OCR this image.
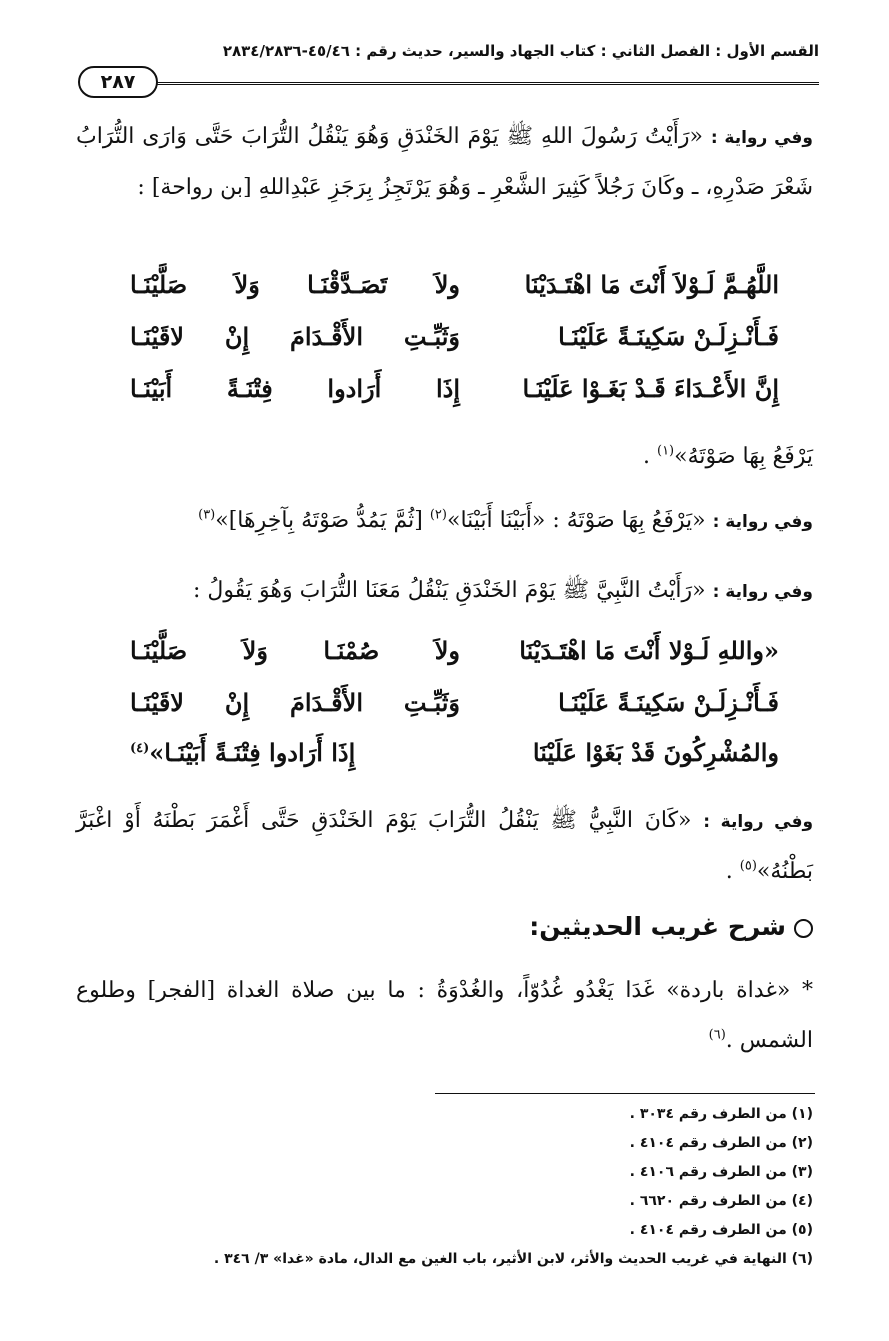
القسم الأول : الفصل الثاني : كتاب الجهاد والسير، حديث رقم : ٤٥/٤٦-٢٨٣٤/٢٨٣٦
٢٨٧
وفي رواية : «رَأَيْتُ رَسُولَ اللهِ ﷺ يَوْمَ الخَنْدَقِ وَهُوَ يَنْقُلُ التُّرَابَ حَتَّى وَارَى التُّرَابُ شَعْرَ صَدْرِهِ، ـ وكَانَ رَجُلاً كَثِيرَ الشَّعْرِ ـ وَهُوَ يَرْتَجِزُ بِرَجَزِ عَبْدِاللهِ [بن رواحة] :
اللَّهُـمَّ لَـوْلاَ أَنْتَ مَا اهْتَـدَيْنَا
ولاَ تَصَـدَّقْنَـا وَلاَ صَلَّيْنَـا
فَـأَنْـزِلَـنْ سَكِينَـةً عَلَيْنَـا
وَثَبِّـتِ الأَقْـدَامَ إِنْ لاقَيْنَـا
إِنَّ الأَعْـدَاءَ قَـدْ بَغَـوْا عَلَيْنَـا
إِذَا أَرَادوا فِتْنَـةً أَبَيْنَـا
يَرْفَعُ بِهَا صَوْتَهُ»$^{(١)}$ .
وفي رواية : «يَرْفَعُ بِهَا صَوْتَهُ : «أَبَيْنَا أَبَيْنَا»$^{(٢)}$ [ثُمَّ يَمُدُّ صَوْتَهُ بِآخِرِهَا]»$^{(٣)}$
وفي رواية : «رَأَيْتُ النَّبِيَّ ﷺ يَوْمَ الخَنْدَقِ يَنْقُلُ مَعَنَا التُّرَابَ وَهُوَ يَقُولُ :
«واللهِ لَـوْلا أَنْتَ مَا اهْتَـدَيْنَا
ولاَ صُمْنَـا وَلاَ صَلَّيْنَـا
فَـأَنْـزِلَـنْ سَكِينَـةً عَلَيْنَـا
وَثَبِّـتِ الأَقْـدَامَ إِنْ لاقَيْنَـا
والمُشْرِكُونَ قَدْ بَغَوْا عَلَيْنَا
إِذَا أَرَادوا فِتْنَـةً أَبَيْنَـا»$^{(٤)}$
وفي رواية : «كَانَ النَّبِيُّ ﷺ يَنْقُلُ التُّرَابَ يَوْمَ الخَنْدَقِ حَتَّى أَغْمَرَ بَطْنَهُ أَوْ اغْبَرَّ بَطْنُهُ»$^{(٥)}$ .
شرح غريب الحديثين:
* «غداة باردة» غَدَا يَغْدُو غُدُوّاً، والغُدْوَةُ : ما بين صلاة الغداة [الفجر] وطلوع الشمس .$^{(٦)}$
(١) من الطرف رقم ٣٠٣٤ .
(٢) من الطرف رقم ٤١٠٤ .
(٣) من الطرف رقم ٤١٠٦ .
(٤) من الطرف رقم ٦٦٢٠ .
(٥) من الطرف رقم ٤١٠٤ .
(٦) النهاية في غريب الحديث والأثر، لابن الأثير، باب الغين مع الدال، مادة «غدا» ٣/ ٣٤٦ .
